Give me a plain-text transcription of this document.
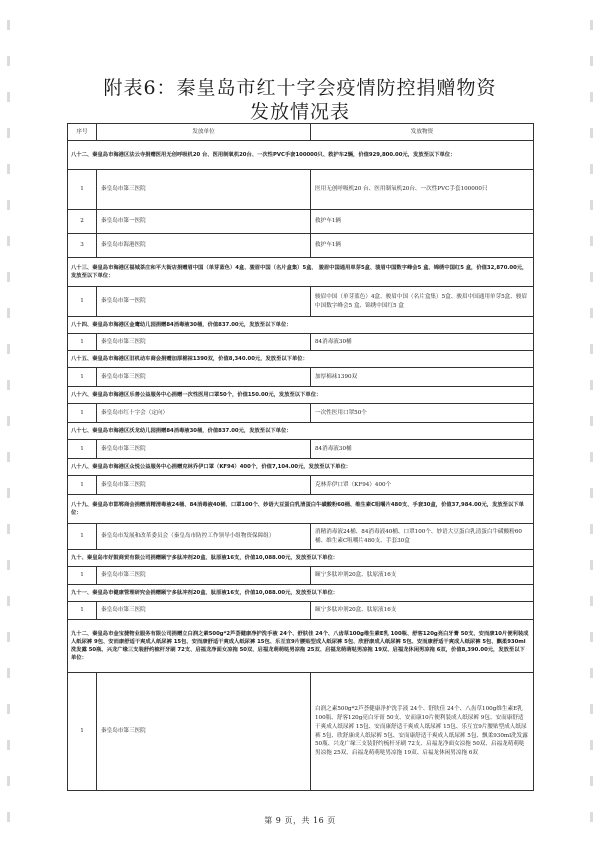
附表6：秦皇岛市红十字会疫情防控捐赠物资
发放情况表
序号	发放单位	发放物资
八十二、秦皇岛市海港区法云寺捐赠医用无创呼吸机20 台、医用制氧机20台、一次性PVC手套100000只、救护车2辆，价值929,800.00元，发放至以下单位：		
1	秦皇岛市第三医院	医用无创呼吸机20 台、医用制氧机20台、一次性PVC手套100000只
2	秦皇岛市第一医院	救护车1辆
3	秦皇岛市海港医院	救护车1辆
八十三、秦皇岛市海港区福城茶庄和平大街店捐赠眉中国（单芽蓝色）4盒、骏眉中国（名片盒集）5盒、 骏眉中国通用单芽5盒、骏眉中国数字峰会5 盒、锦绣中国红5 盒，价值32,870.00元，发放至以下单位：		
1	秦皇岛市第一医院	骏眉中国（单芽蓝色）4盒、骏眉中国（名片盒集）5盒、骏眉中国通用单芽5盒、骏眉中国数字峰会5 盒、锦绣中国红5 盒
八十四、秦皇岛市海港区金鹰幼儿园捐赠84消毒液30桶，价值837.00元，发放至以下单位：		
1	秦皇岛市第三医院	84消毒液30桶
八十五、秦皇岛市海港区旧机动车商会捐赠加厚棉袜1390双，价值8,340.00元，发放至以下单位：		
1	秦皇岛市第三医院	加厚棉袜1390双
八十六、秦皇岛市海港区乐善公益服务中心捐赠一次性医用口罩50个，价值150.00元，发放至以下单位：		
1	秦皇岛市红十字会（定向）	一次性医用口罩50个
八十七、秦皇岛市海港区沃龙幼儿园捐赠84消毒液30桶，价值837.00元，发放至以下单位：		
1	秦皇岛市第三医院	84消毒液30桶
八十八、秦皇岛市海港区众悦公益服务中心捐赠克林乔伊口罩（KF94）400个，价值7,104.00元，发放至以下单位：		
1	秦皇岛市第三医院	克林乔伊口罩（KF94）400个
八十九、秦皇岛市邯郸商会捐赠消精清毒液24桶、84消毒液40桶、口罩100个、妙语大豆蛋白乳清蛋白牛磺酸粉60桶、维生素C咀嚼片480支、手套30盒，价值37,984.00元，发放至以下单位：		
1	秦皇岛市发展和改革委员会（秦皇岛市防控工作领导小组物资保障组）	消精消毒液24桶、84消毒液40桶、口罩100个、妙语大豆蛋白乳清蛋白牛磺酸粉60桶、维生素C咀嚼片480支、手套30盒
九十、秦皇岛市好鼓商贸有限公司捐赠颐宁多肽冲剂20盒、肽原液16支，价值10,088.00元，发放至以下单位：		
1	秦皇岛市第三医院	颐宁多肽冲剂20盒、肽原液16支
九十一、秦皇岛市健康管理研究会捐赠颐宁多肽冲剂20盒、肽原液16支，价值10,088.00元，发放至以下单位：		
1	秦皇岛市第三医院	颐宁多肽冲剂20盒、肽原液16支
九十二、秦皇岛市金宝捷物业服务有限公司捐赠立白润之素500g*2芦荟健康净护洗手液 24个、舒肤佳 24个、八齿草100g维生素E乳 100瓶、舒客120g亮白牙膏 50支、安而康10片便利装成人纸尿裤 9包、安而康舒适干爽成人纸尿裤 15包、安而康舒适干爽成人纸尿裤 15包、乐互宜9片腰贴型成人纸尿裤 5包、欣舒康成人纸尿裤 5包、安而康舒适干爽成人纸尿裤 5包、飘柔930ml洗发露 50瓶、兴龙广缘三支装舒约梳杆牙刷 72支、启福龙净面女凉拖 50双、启福龙萌萌哒男凉拖 25双、启福龙萌萌哒男凉拖 19双、启福龙休闲男凉拖 6双，价值8,390.00元，发放至以下单位：		
1	秦皇岛市第三医院	白润之素500g*2芦荟健康净护洗手液 24个、舒肤佳 24个、八齿草100g维生素E乳 100瓶、舒客120g亮白牙膏 50支、安而康10片便利装成人纸尿裤 9包、安而康舒适干爽成人纸尿裤 15包、安而康舒适干爽成人纸尿裤 15包、乐互宜9片腰贴型成人纸尿裤 5包、欣舒康成人纸尿裤 5包、安而康舒适干爽成人纸尿裤 5包、飘柔930ml洗发露 50瓶、兴龙广缘三支装舒约梳杆牙刷 72支、启福龙净面女凉拖 50双、启福龙萌萌哒男凉拖 25双、启福龙萌萌哒男凉拖 19双、启福龙休闲男凉拖 6双
第 9 页，共 16 页
